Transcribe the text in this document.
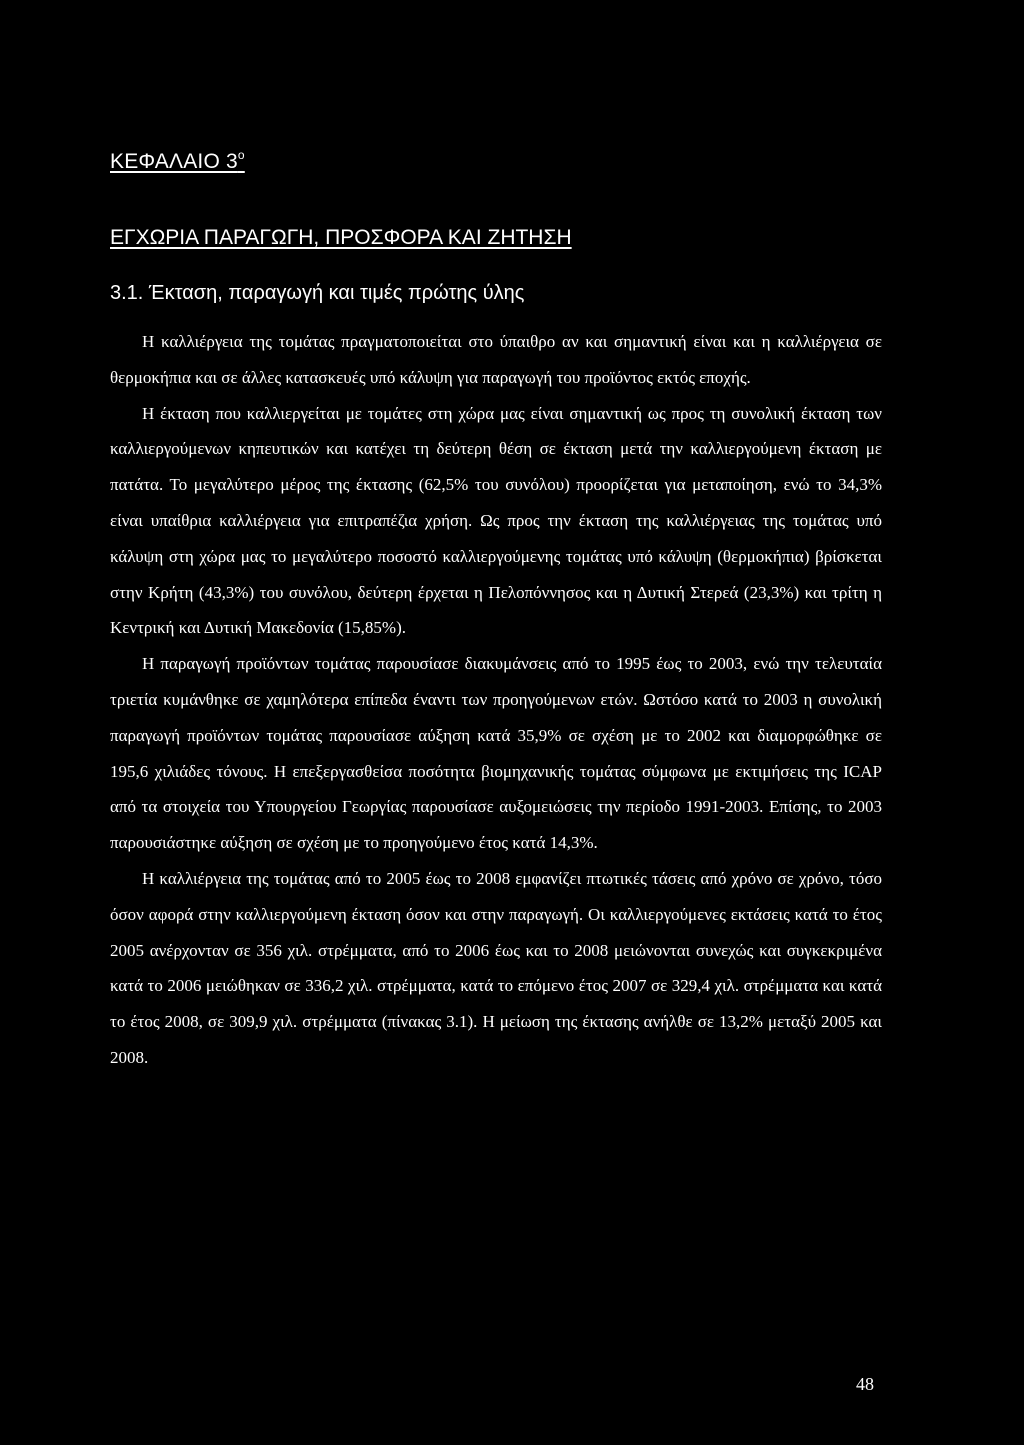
ΚΕΦΑΛΑΙΟ $3^o$
ΕΓΧΩΡΙΑ ΠΑΡΑΓΩΓΗ, ΠΡΟΣΦΟΡΑ ΚΑΙ ΖΗΤΗΣΗ
3.1. Έκταση, παραγωγή και τιμές πρώτης ύλης

Η καλλιέργεια της τομάτας πραγματοποιείται στο ύπαιθρο αν και σημαντική είναι και η καλλιέργεια σε θερμοκήπια και σε άλλες κατασκευές υπό κάλυψη για παραγωγή του προϊόντος εκτός εποχής.

Η έκταση που καλλιεργείται με τομάτες στη χώρα μας είναι σημαντική ως προς τη συνολική έκταση των καλλιεργούμενων κηπευτικών και κατέχει τη δεύτερη θέση σε έκταση μετά την καλλιεργούμενη έκταση με πατάτα. Το μεγαλύτερο μέρος της έκτασης (62,5% του συνόλου) προορίζεται για μεταποίηση, ενώ το 34,3% είναι υπαίθρια καλλιέργεια για επιτραπέζια χρήση. Ως προς την έκταση της καλλιέργειας της τομάτας υπό κάλυψη στη χώρα μας το μεγαλύτερο ποσοστό καλλιεργούμενης τομάτας υπό κάλυψη (θερμοκήπια) βρίσκεται στην Κρήτη (43,3%) του συνόλου, δεύτερη έρχεται η Πελοπόννησος και η Δυτική Στερεά (23,3%) και τρίτη η Κεντρική και Δυτική Μακεδονία (15,85%).

Η παραγωγή προϊόντων τομάτας παρουσίασε διακυμάνσεις από το 1995 έως το 2003, ενώ την τελευταία τριετία κυμάνθηκε σε χαμηλότερα επίπεδα έναντι των προηγούμενων ετών. Ωστόσο κατά το 2003 η συνολική παραγωγή προϊόντων τομάτας παρουσίασε αύξηση κατά 35,9% σε σχέση με το 2002 και διαμορφώθηκε σε 195,6 χιλιάδες τόνους. Η επεξεργασθείσα ποσότητα βιομηχανικής τομάτας σύμφωνα με εκτιμήσεις της ICAP από τα στοιχεία του Υπουργείου Γεωργίας παρουσίασε αυξομειώσεις την περίοδο 1991-2003. Επίσης, το 2003 παρουσιάστηκε αύξηση σε σχέση με το προηγούμενο έτος κατά 14,3%.

Η καλλιέργεια της τομάτας από το 2005 έως το 2008 εμφανίζει πτωτικές τάσεις από χρόνο σε χρόνο, τόσο όσον αφορά στην καλλιεργούμενη έκταση όσον και στην παραγωγή. Οι καλλιεργούμενες εκτάσεις κατά το έτος 2005 ανέρχονταν σε 356 χιλ. στρέμματα, από το 2006 έως και το 2008 μειώνονται συνεχώς και συγκεκριμένα κατά το 2006 μειώθηκαν σε 336,2 χιλ. στρέμματα, κατά το επόμενο έτος 2007 σε 329,4 χιλ. στρέμματα και κατά το έτος 2008, σε 309,9 χιλ. στρέμματα (πίνακας 3.1). Η μείωση της έκτασης ανήλθε σε 13,2% μεταξύ 2005 και 2008.

48
